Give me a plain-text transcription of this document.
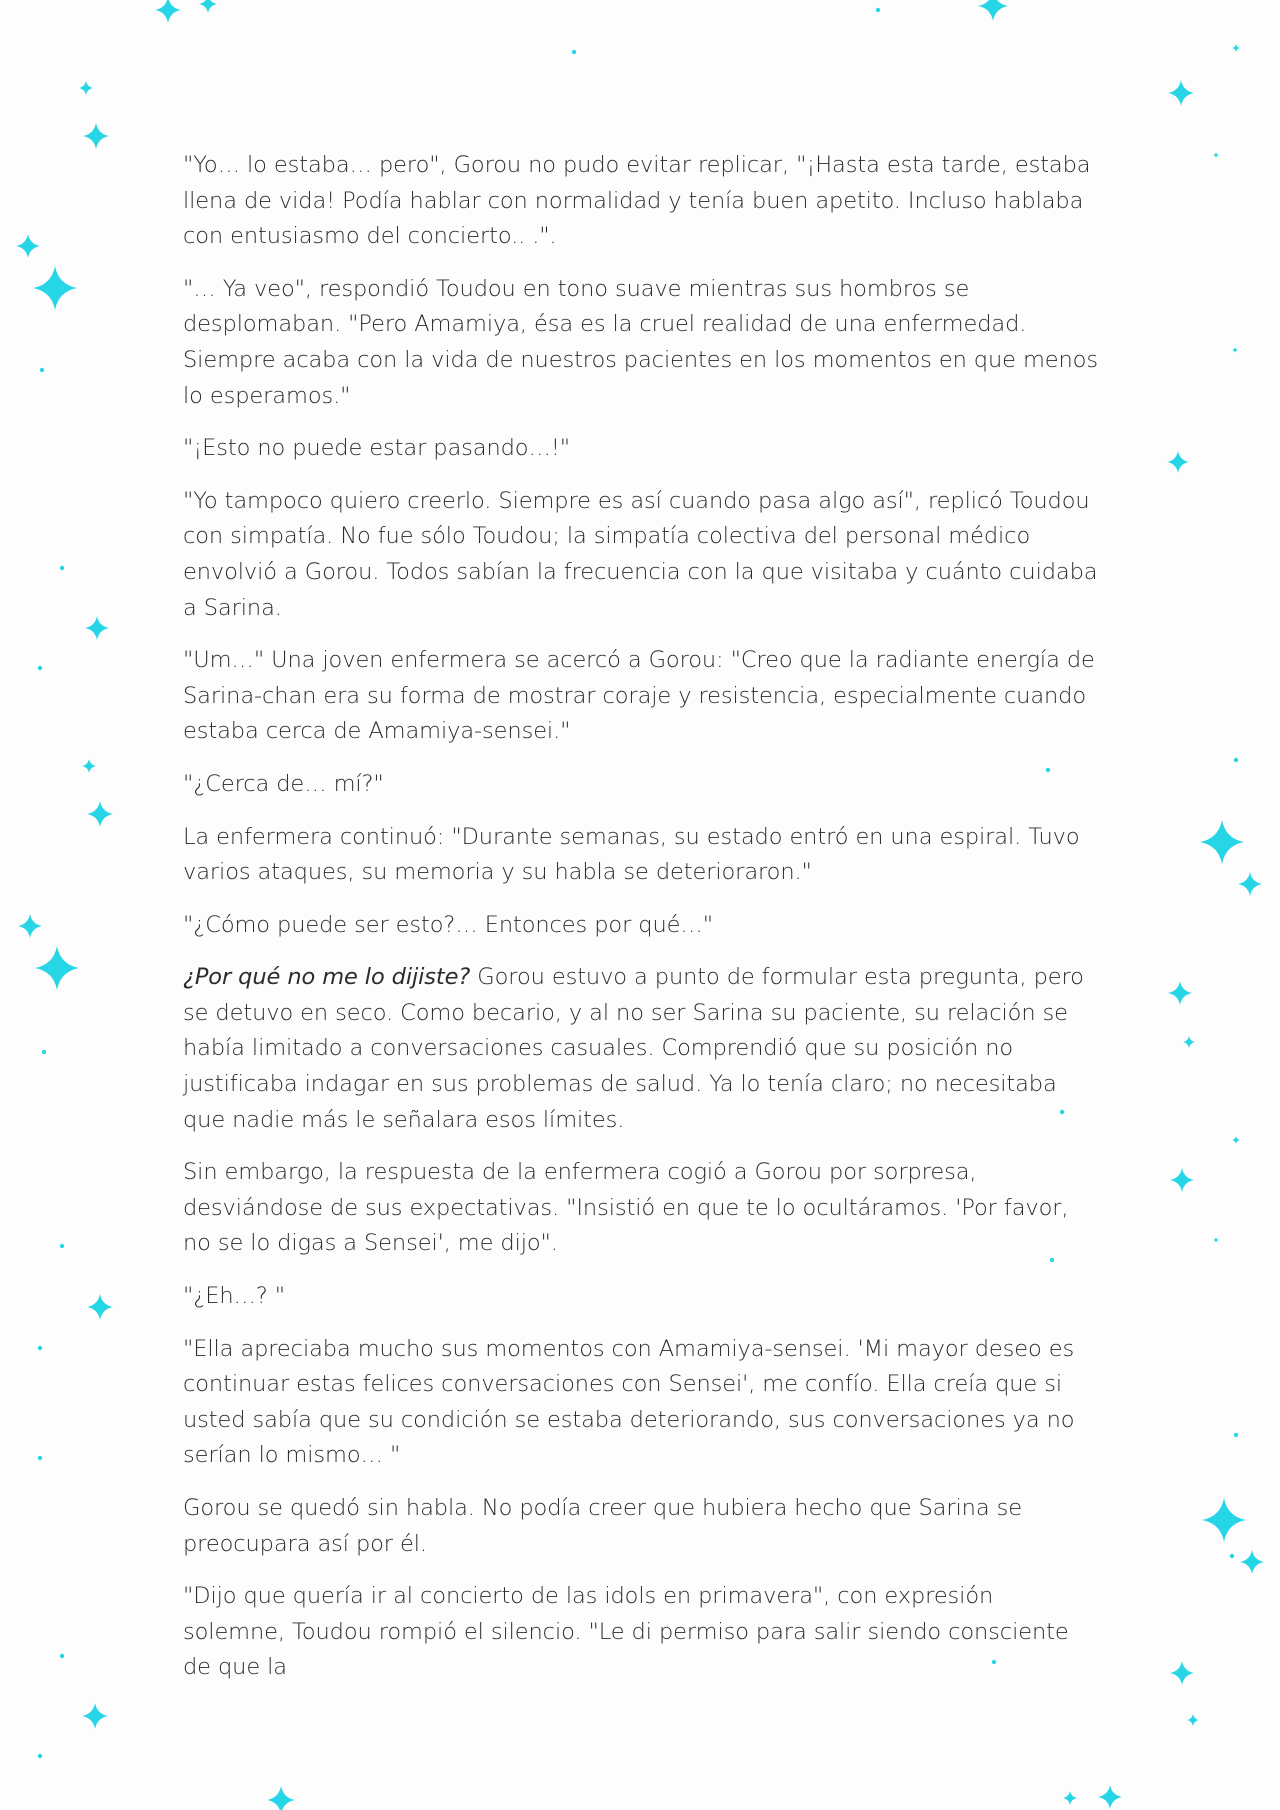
"Yo… lo estaba… pero", Gorou no pudo evitar replicar, "¡Hasta esta tarde, estaba llena de vida! Podía hablar con normalidad y tenía buen apetito. Incluso hablaba con entusiasmo del concierto.. .".

"… Ya veo", respondió Toudou en tono suave mientras sus hombros se desplomaban. "Pero Amamiya, ésa es la cruel realidad de una enfermedad. Siempre acaba con la vida de nuestros pacientes en los momentos en que menos lo esperamos."

"¡Esto no puede estar pasando…!"

"Yo tampoco quiero creerlo. Siempre es así cuando pasa algo así", replicó Toudou con simpatía. No fue sólo Toudou; la simpatía colectiva del personal médico envolvió a Gorou. Todos sabían la frecuencia con la que visitaba y cuánto cuidaba a Sarina.

"Um…" Una joven enfermera se acercó a Gorou: "Creo que la radiante energía de Sarina-chan era su forma de mostrar coraje y resistencia, especialmente cuando estaba cerca de Amamiya-sensei."

"¿Cerca de… mí?"

La enfermera continuó: "Durante semanas, su estado entró en una espiral. Tuvo varios ataques, su memoria y su habla se deterioraron."

"¿Cómo puede ser esto?… Entonces por qué…"

¿Por qué no me lo dijiste? Gorou estuvo a punto de formular esta pregunta, pero se detuvo en seco. Como becario, y al no ser Sarina su paciente, su relación se había limitado a conversaciones casuales. Comprendió que su posición no justificaba indagar en sus problemas de salud. Ya lo tenía claro; no necesitaba que nadie más le señalara esos límites.

Sin embargo, la respuesta de la enfermera cogió a Gorou por sorpresa, desviándose de sus expectativas. "Insistió en que te lo ocultáramos. 'Por favor, no se lo digas a Sensei', me dijo".

"¿Eh…? "

"Ella apreciaba mucho sus momentos con Amamiya-sensei. 'Mi mayor deseo es continuar estas felices conversaciones con Sensei', me confío. Ella creía que si usted sabía que su condición se estaba deteriorando, sus conversaciones ya no serían lo mismo… "

Gorou se quedó sin habla. No podía creer que hubiera hecho que Sarina se preocupara así por él.

"Dijo que quería ir al concierto de las idols en primavera", con expresión solemne, Toudou rompió el silencio. "Le di permiso para salir siendo consciente de que la
